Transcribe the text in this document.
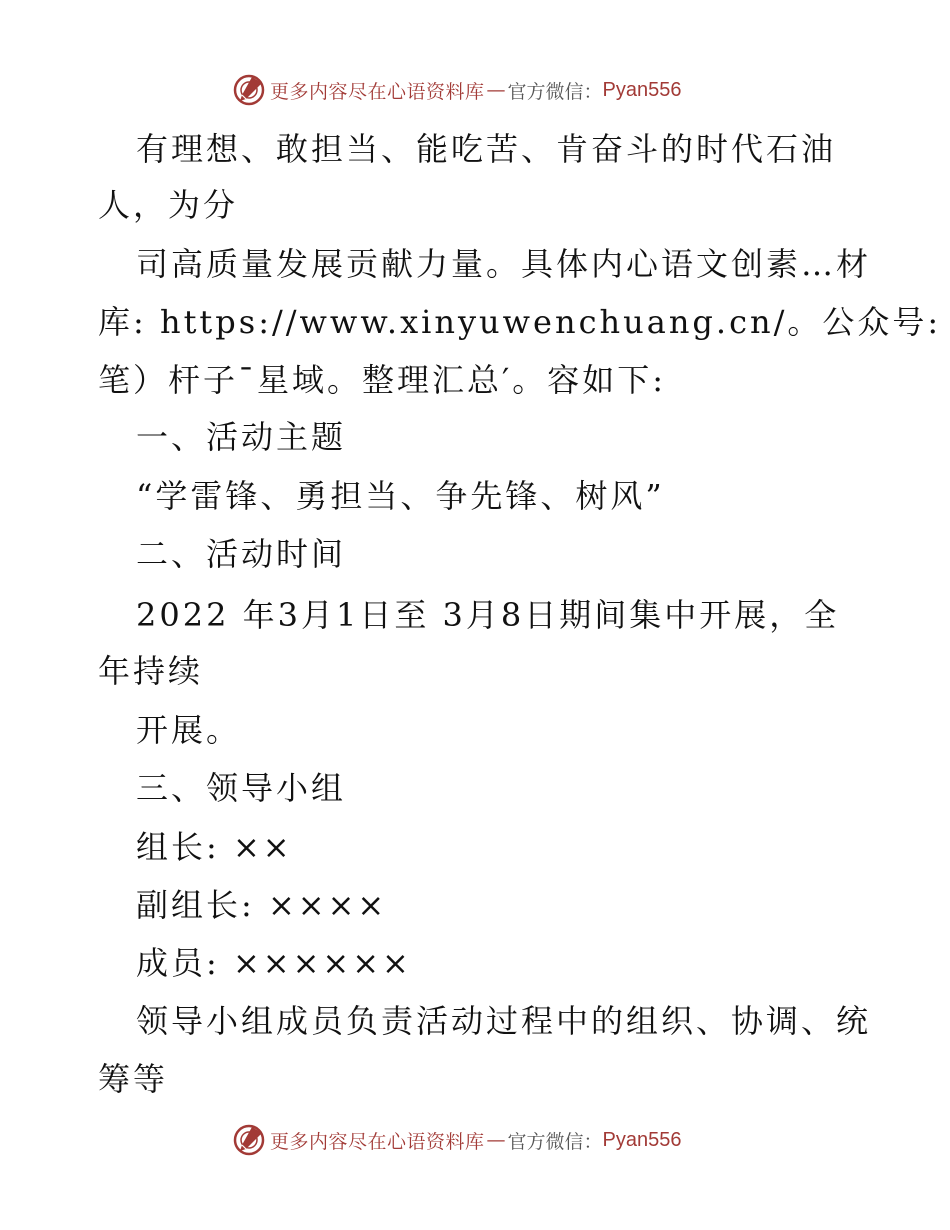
更多内容尽在心语资料库 — 官方微信： Pyan556
有理想、敢担当、能吃苦、肯奋斗的时代石油
人，为分
司高质量发展贡献力量。具体内心语文创素…材
库: https://www.xinyuwenchuang.cn/。公众号:
笔）杆子¯星域。整理汇总′。容如下:
一、活动主题
“学雷锋、勇担当、争先锋、树风”
二、活动时间
2022 年3月1日至 3月8日期间集中开展，全
年持续
开展。
三、领导小组
组长: ××
副组长: ××××
成员: ××××××
领导小组成员负责活动过程中的组织、协调、统
筹等
更多内容尽在心语资料库 — 官方微信： Pyan556
